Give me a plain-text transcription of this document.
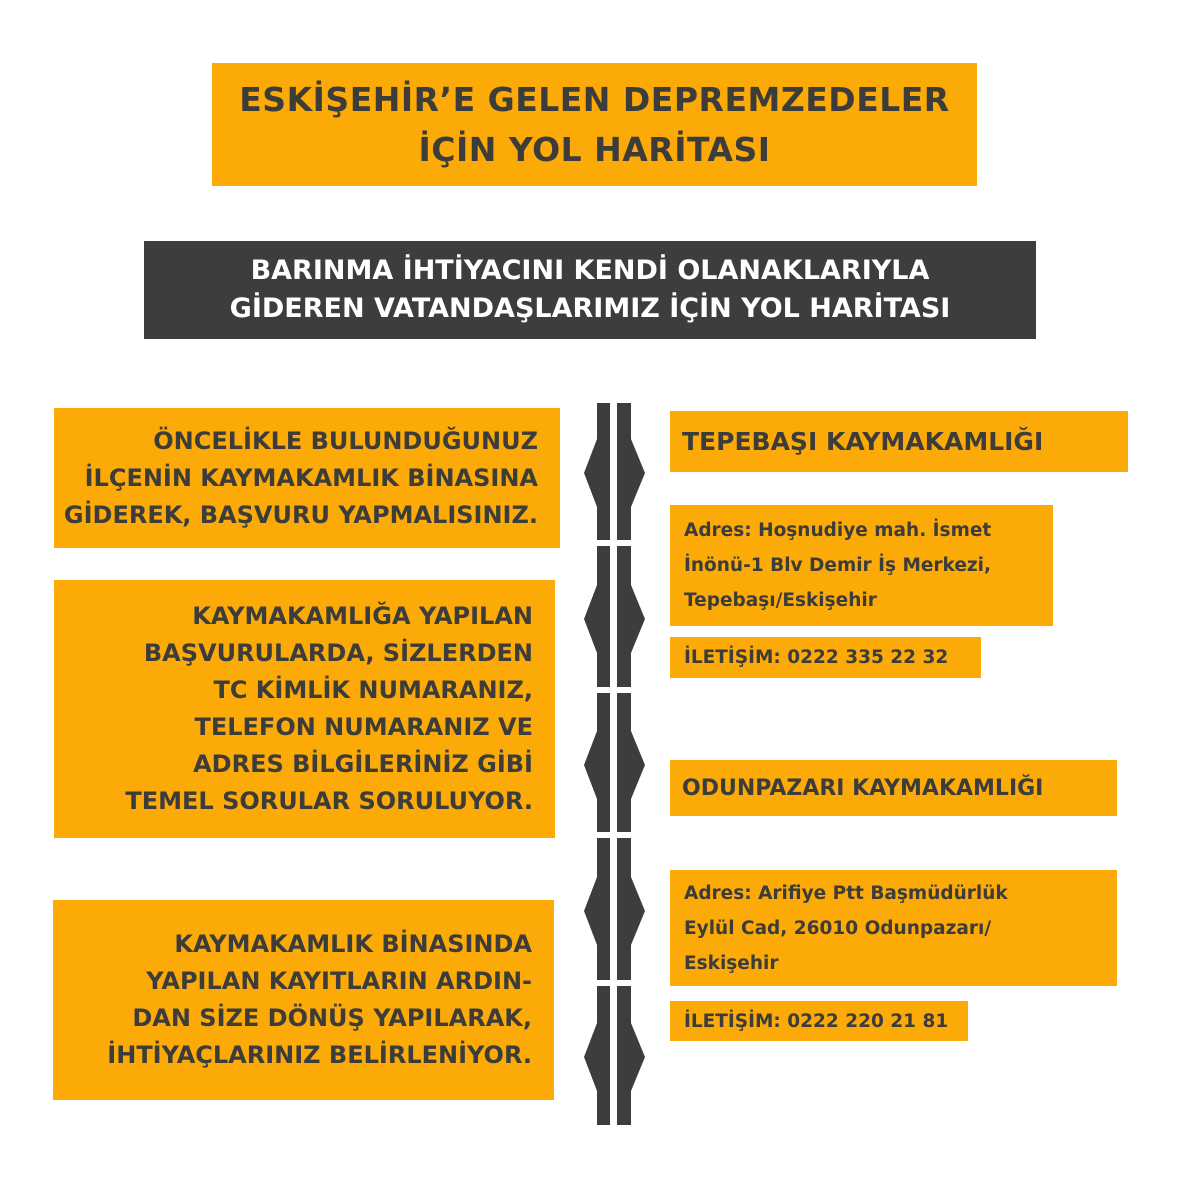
ESKİŞEHİR’E GELEN DEPREMZEDELER
İÇİN YOL HARİTASI
BARINMA İHTİYACINI KENDİ OLANAKLARIYLA
GİDEREN VATANDAŞLARIMIZ İÇİN YOL HARİTASI
ÖNCELİKLE BULUNDUĞUNUZ
İLÇENİN KAYMAKAMLIK BİNASINA
GİDEREK, BAŞVURU YAPMALISINIZ.
KAYMAKAMLIĞA YAPILAN
BAŞVURULARDA, SİZLERDEN
TC KİMLİK NUMARANIZ,
TELEFON NUMARANIZ VE
ADRES BİLGİLERİNİZ GİBİ
TEMEL SORULAR SORULUYOR.
KAYMAKAMLIK BİNASINDA
YAPILAN KAYITLARIN ARDIN-
DAN SİZE DÖNÜŞ YAPILARAK,
İHTİYAÇLARINIZ BELİRLENİYOR.
TEPEBAŞI KAYMAKAMLIĞI
Adres: Hoşnudiye mah. İsmet
İnönü-1 Blv Demir İş Merkezi,
Tepebaşı/Eskişehir
İLETİŞİM: 0222 335 22 32
ODUNPAZARI KAYMAKAMLIĞI
Adres: Arifiye Ptt Başmüdürlük
Eylül Cad, 26010 Odunpazarı/
Eskişehir
İLETİŞİM: 0222 220 21 81
